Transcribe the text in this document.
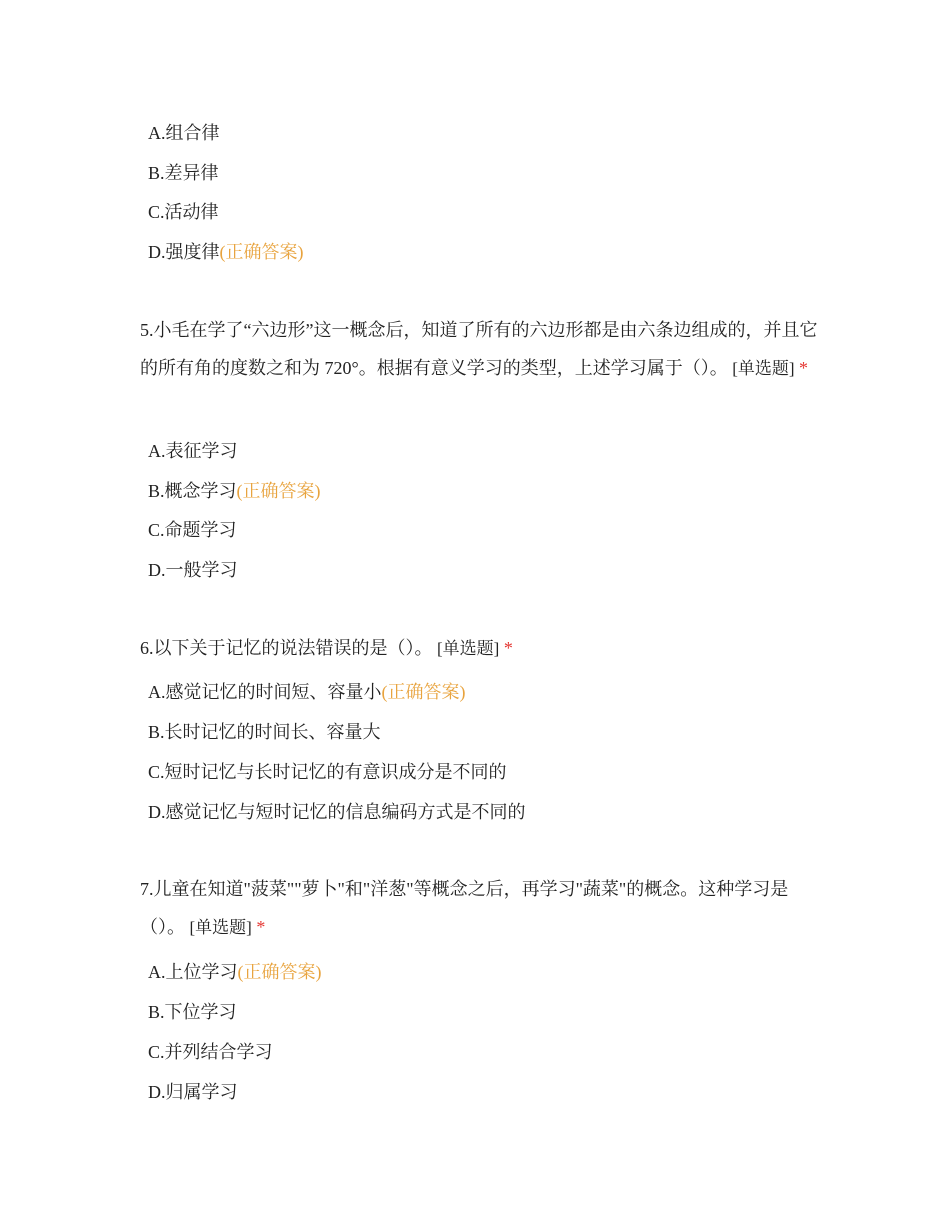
A.组合律
B.差异律
C.活动律
D.强度律(正确答案)

5.小毛在学了“六边形”这一概念后，知道了所有的六边形都是由六条边组成的，并且它的所有角的度数之和为 720°。根据有意义学习的类型，上述学习属于（）。 [单选题] *

A.表征学习
B.概念学习(正确答案)
C.命题学习
D.一般学习

6.以下关于记忆的说法错误的是（）。 [单选题] *

A.感觉记忆的时间短、容量小(正确答案)
B.长时记忆的时间长、容量大
C.短时记忆与长时记忆的有意识成分是不同的
D.感觉记忆与短时记忆的信息编码方式是不同的

7.儿童在知道"菠菜""萝卜"和"洋葱"等概念之后，再学习"蔬菜"的概念。这种学习是（）。 [单选题] *

A.上位学习(正确答案)
B.下位学习
C.并列结合学习
D.归属学习
